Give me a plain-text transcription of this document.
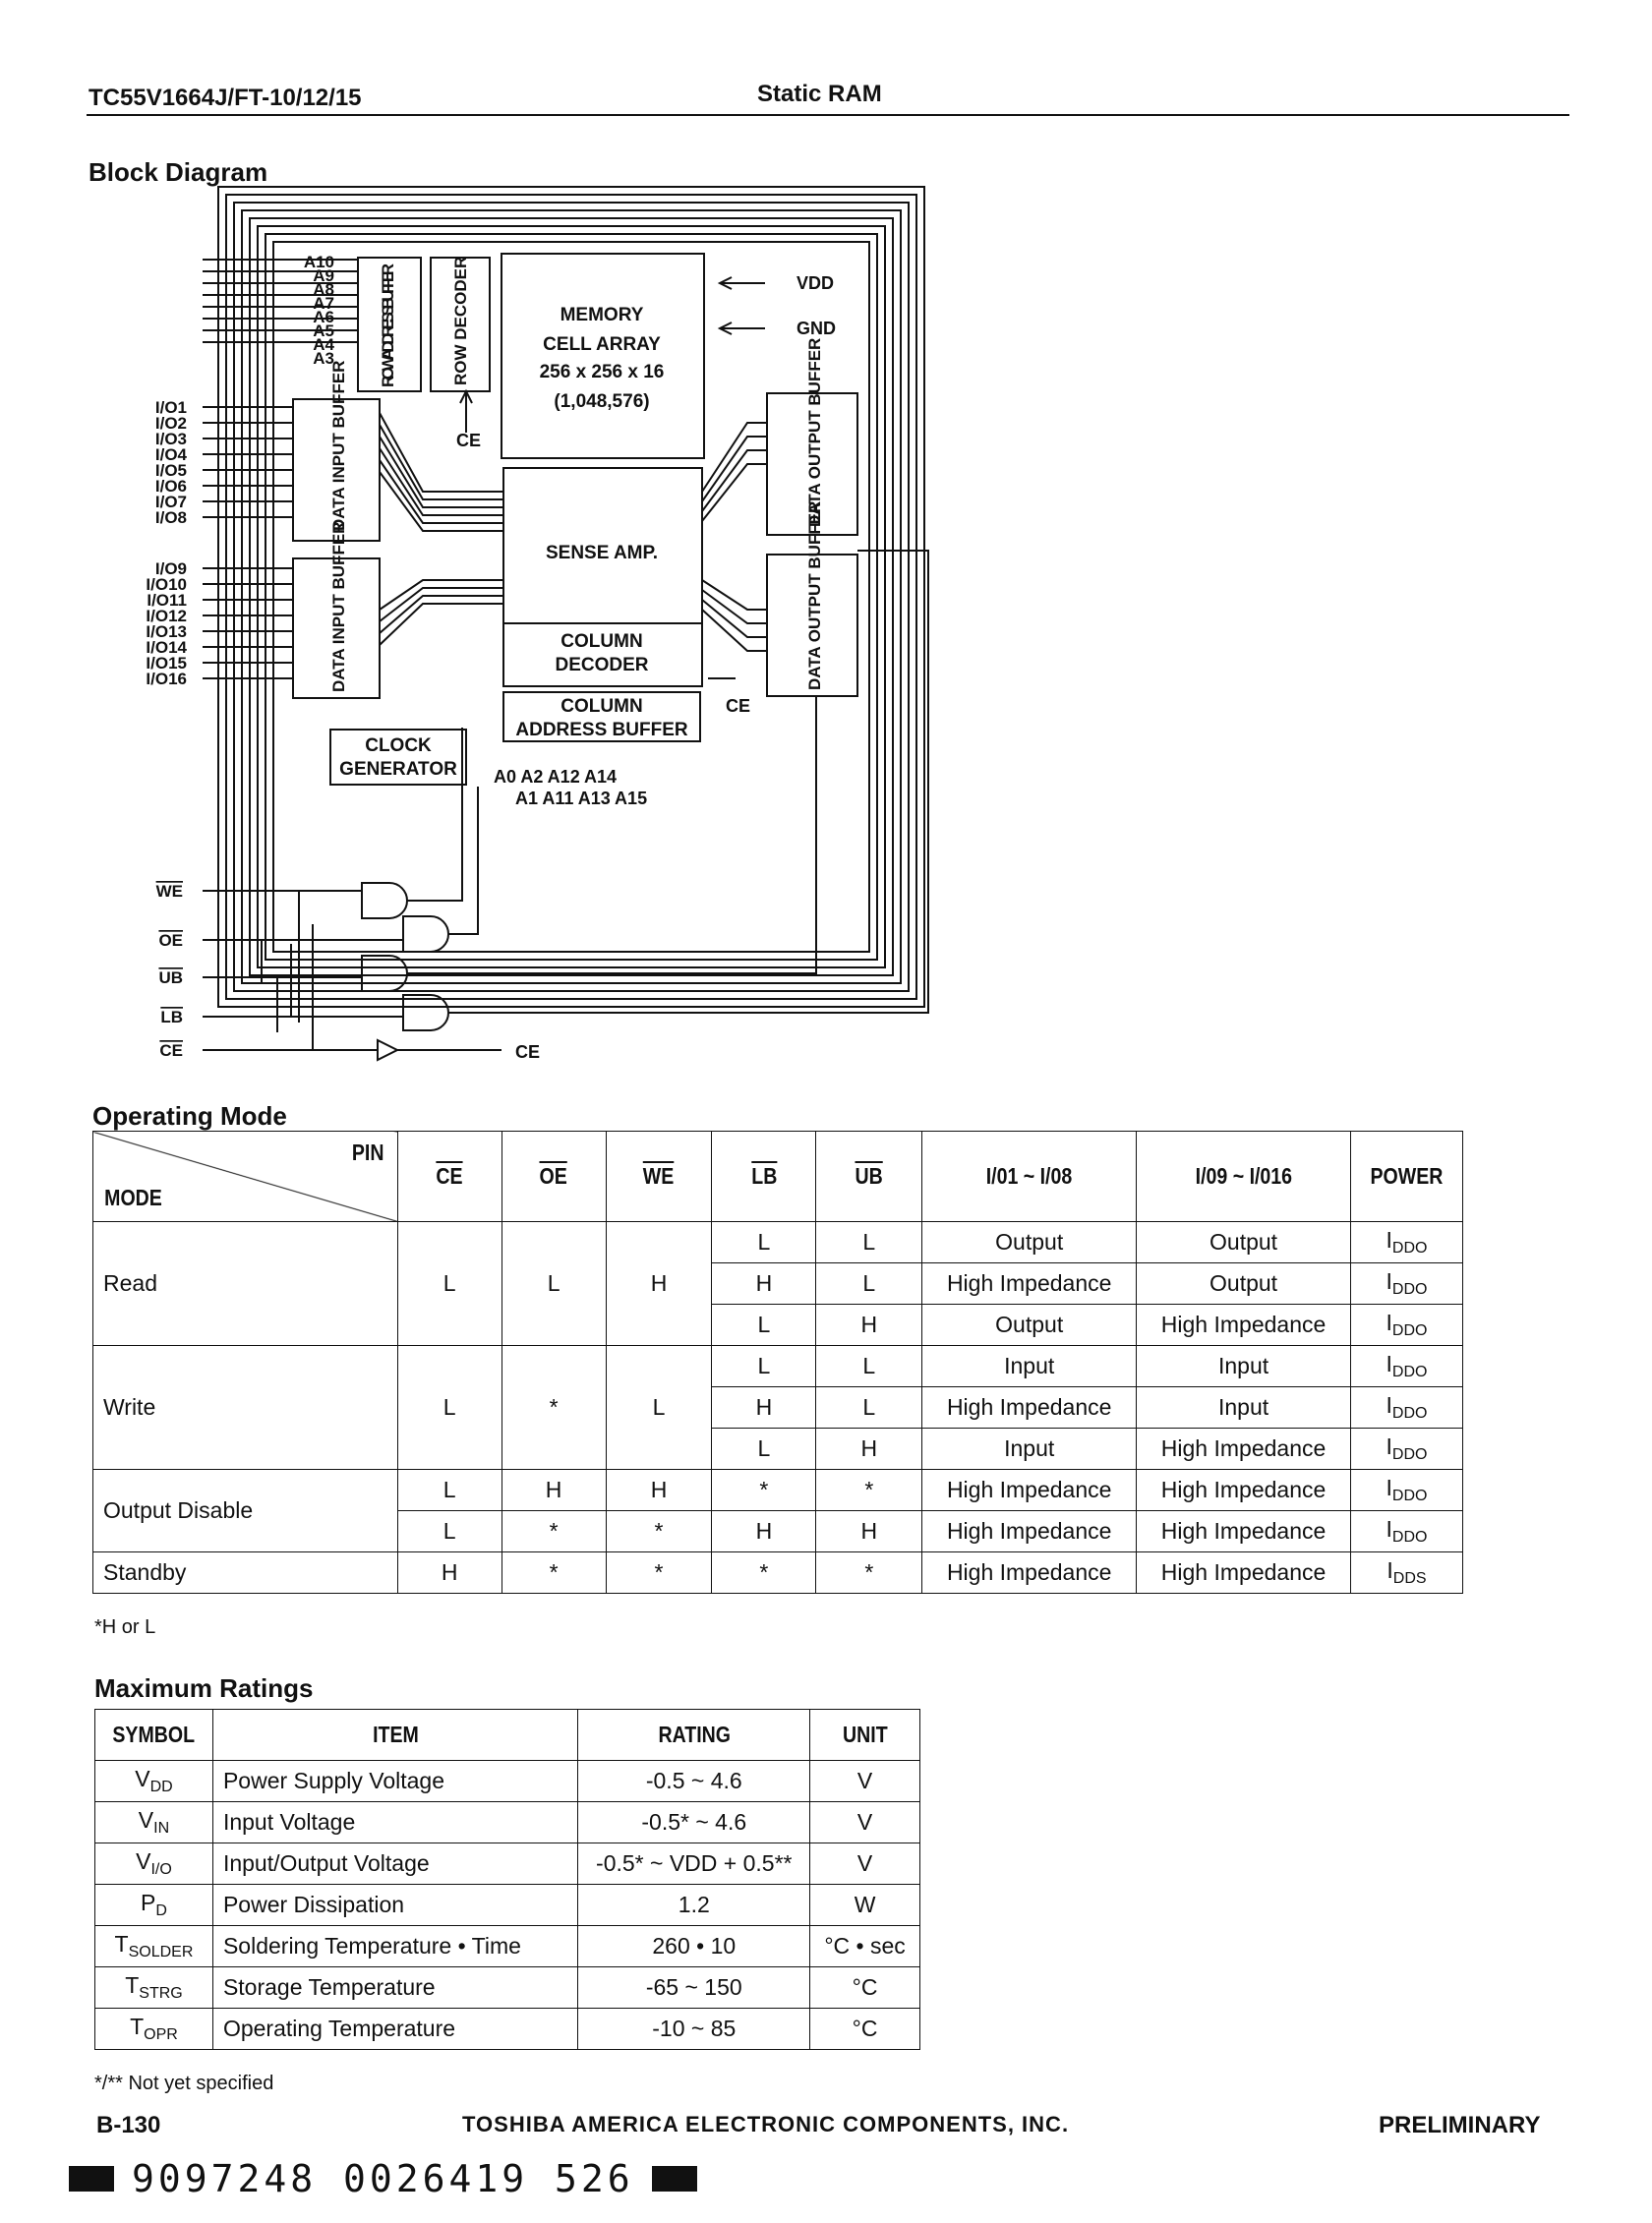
TC55V1664J/FT-10/12/15	Static RAM
Block Diagram
A10
A9
A8
A7
A6
A5
A4
A3
I/O1
I/O2
I/O3
I/O4
I/O5
I/O6
I/O7
I/O8
I/O9
I/O10
I/O11
I/O12
I/O13
I/O14
I/O15
I/O16
ROW ADDRESS BUFFER	ROW DECODER
DATA INPUT BUFFER
DATA INPUT BUFFER
DATA OUTPUT BUFFER
DATA OUTPUT BUFFER
MEMORY
CELL ARRAY
256 x 256 x 16
(1,048,576)
SENSE AMP.
COLUMN
DECODER
COLUMN
ADDRESS BUFFER
CLOCK
GENERATOR
VDD
GND
CE
CE
CE
A0 A2 A12 A14
A1 A11 A13 A15
WE
OE
UB
LB
CE
Operating Mode
PIN
MODE	$\overline{CE}$	$\overline{OE}$	$\overline{WE}$	$\overline{LB}$	$\overline{UB}$	I/01 ~ I/08	I/09 ~ I/016	POWER
Read	L	L	H	L	L	Output	Output	$I_{DDO}$
				H	L	High Impedance	Output	$I_{DDO}$
				L	H	Output	High Impedance	$I_{DDO}$
Write	L	*	L	L	L	Input	Input	$I_{DDO}$
				H	L	High Impedance	Input	$I_{DDO}$
				L	H	Input	High Impedance	$I_{DDO}$
Output Disable	L	H	H	*	*	High Impedance	High Impedance	$I_{DDO}$
	L	*	*	H	H	High Impedance	High Impedance	$I_{DDO}$
Standby	H	*	*	*	*	High Impedance	High Impedance	$I_{DDS}$
*H or L
Maximum Ratings
SYMBOL	ITEM	RATING	UNIT
$V_{DD}$	Power Supply Voltage	-0.5 ~ 4.6	V
$V_{IN}$	Input Voltage	-0.5* ~ 4.6	V
$V_{I/O}$	Input/Output Voltage	-0.5* ~ VDD + 0.5**	V
$P_D$	Power Dissipation	1.2	W
$T_{SOLDER}$	Soldering Temperature • Time	260 • 10	°C • sec
$T_{STRG}$	Storage Temperature	-65 ~ 150	°C
$T_{OPR}$	Operating Temperature	-10 ~ 85	°C
*/** Not yet specified
B-130	TOSHIBA AMERICA ELECTRONIC COMPONENTS, INC.	PRELIMINARY
9097248 0026419 526
